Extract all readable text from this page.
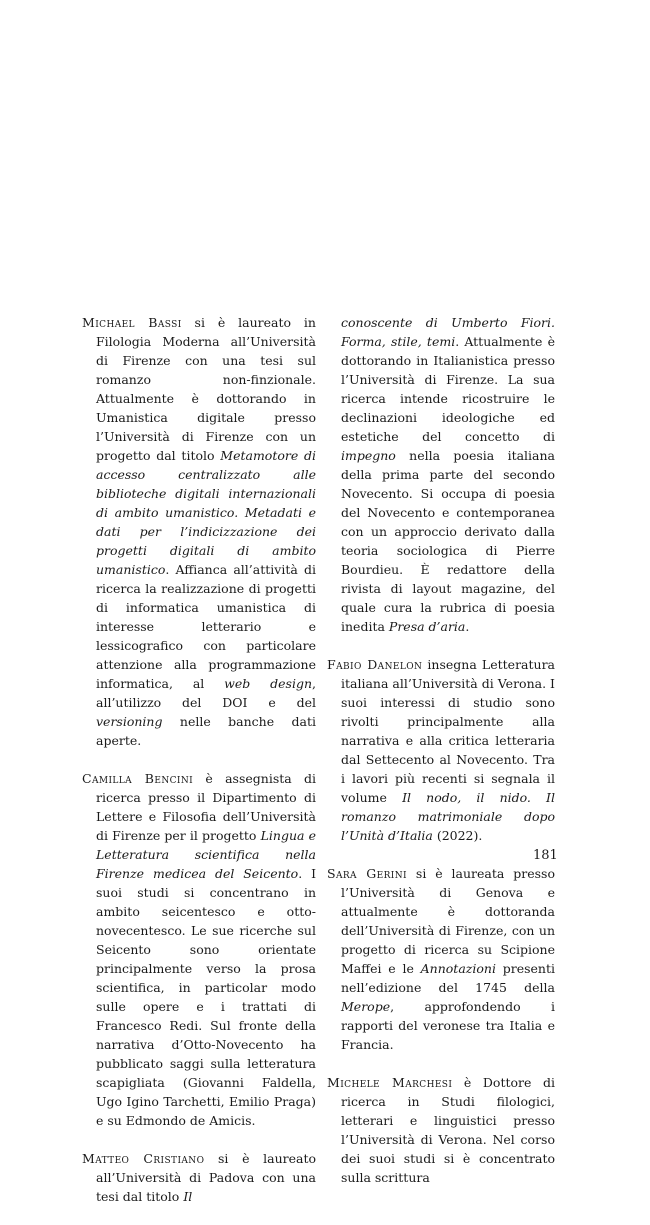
Michael Bassi si è laureato in Filologia Moderna all’Università di Firenze con una tesi sul romanzo non-finzionale. Attualmente è dottorando in Umanistica digitale presso l’Università di Firenze con un progetto dal titolo Metamotore di accesso centralizzato alle biblioteche digitali internazionali di ambito umanistico. Metadati e dati per l’indicizzazione dei progetti digitali di ambito umanistico. Affianca all’attività di ricerca la realizzazione di progetti di informatica umanistica di interesse letterario e lessicografico con particolare attenzione alla programmazione informatica, al web design, all’utilizzo del DOI e del versioning nelle banche dati aperte.

Camilla Bencini è assegnista di ricerca presso il Dipartimento di Lettere e Filosofia dell’Università di Firenze per il progetto Lingua e Letteratura scientifica nella Firenze medicea del Seicento. I suoi studi si concentrano in ambito seicentesco e otto-novecentesco. Le sue ricerche sul Seicento sono orientate principalmente verso la prosa scientifica, in particolar modo sulle opere e i trattati di Francesco Redi. Sul fronte della narrativa d’Otto-Novecento ha pubblicato saggi sulla letteratura scapigliata (Giovanni Faldella, Ugo Igino Tarchetti, Emilio Praga) e su Edmondo de Amicis.

Matteo Cristiano si è laureato all’Università di Padova con una tesi dal titolo Il

conoscente di Umberto Fiori. Forma, stile, temi. Attualmente è dottorando in Italianistica presso l’Università di Firenze. La sua ricerca intende ricostruire le declinazioni ideologiche ed estetiche del concetto di impegno nella poesia italiana della prima parte del secondo Novecento. Si occupa di poesia del Novecento e contemporanea con un approccio derivato dalla teoria sociologica di Pierre Bourdieu. È redattore della rivista di layout magazine, del quale cura la rubrica di poesia inedita Presa d’aria.

Fabio Danelon insegna Letteratura italiana all’Università di Verona. I suoi interessi di studio sono rivolti principalmente alla narrativa e alla critica letteraria dal Settecento al Novecento. Tra i lavori più recenti si segnala il volume Il nodo, il nido. Il romanzo matrimoniale dopo l’Unità d’Italia (2022).

Sara Gerini si è laureata presso l’Università di Genova e attualmente è dottoranda dell’Università di Firenze, con un progetto di ricerca su Scipione Maffei e le Annotazioni presenti nell’edizione del 1745 della Merope, approfondendo i rapporti del veronese tra Italia e Francia.

Michele Marchesi è Dottore di ricerca in Studi filologici, letterari e linguistici presso l’Università di Verona. Nel corso dei suoi studi si è concentrato sulla scrittura

181
